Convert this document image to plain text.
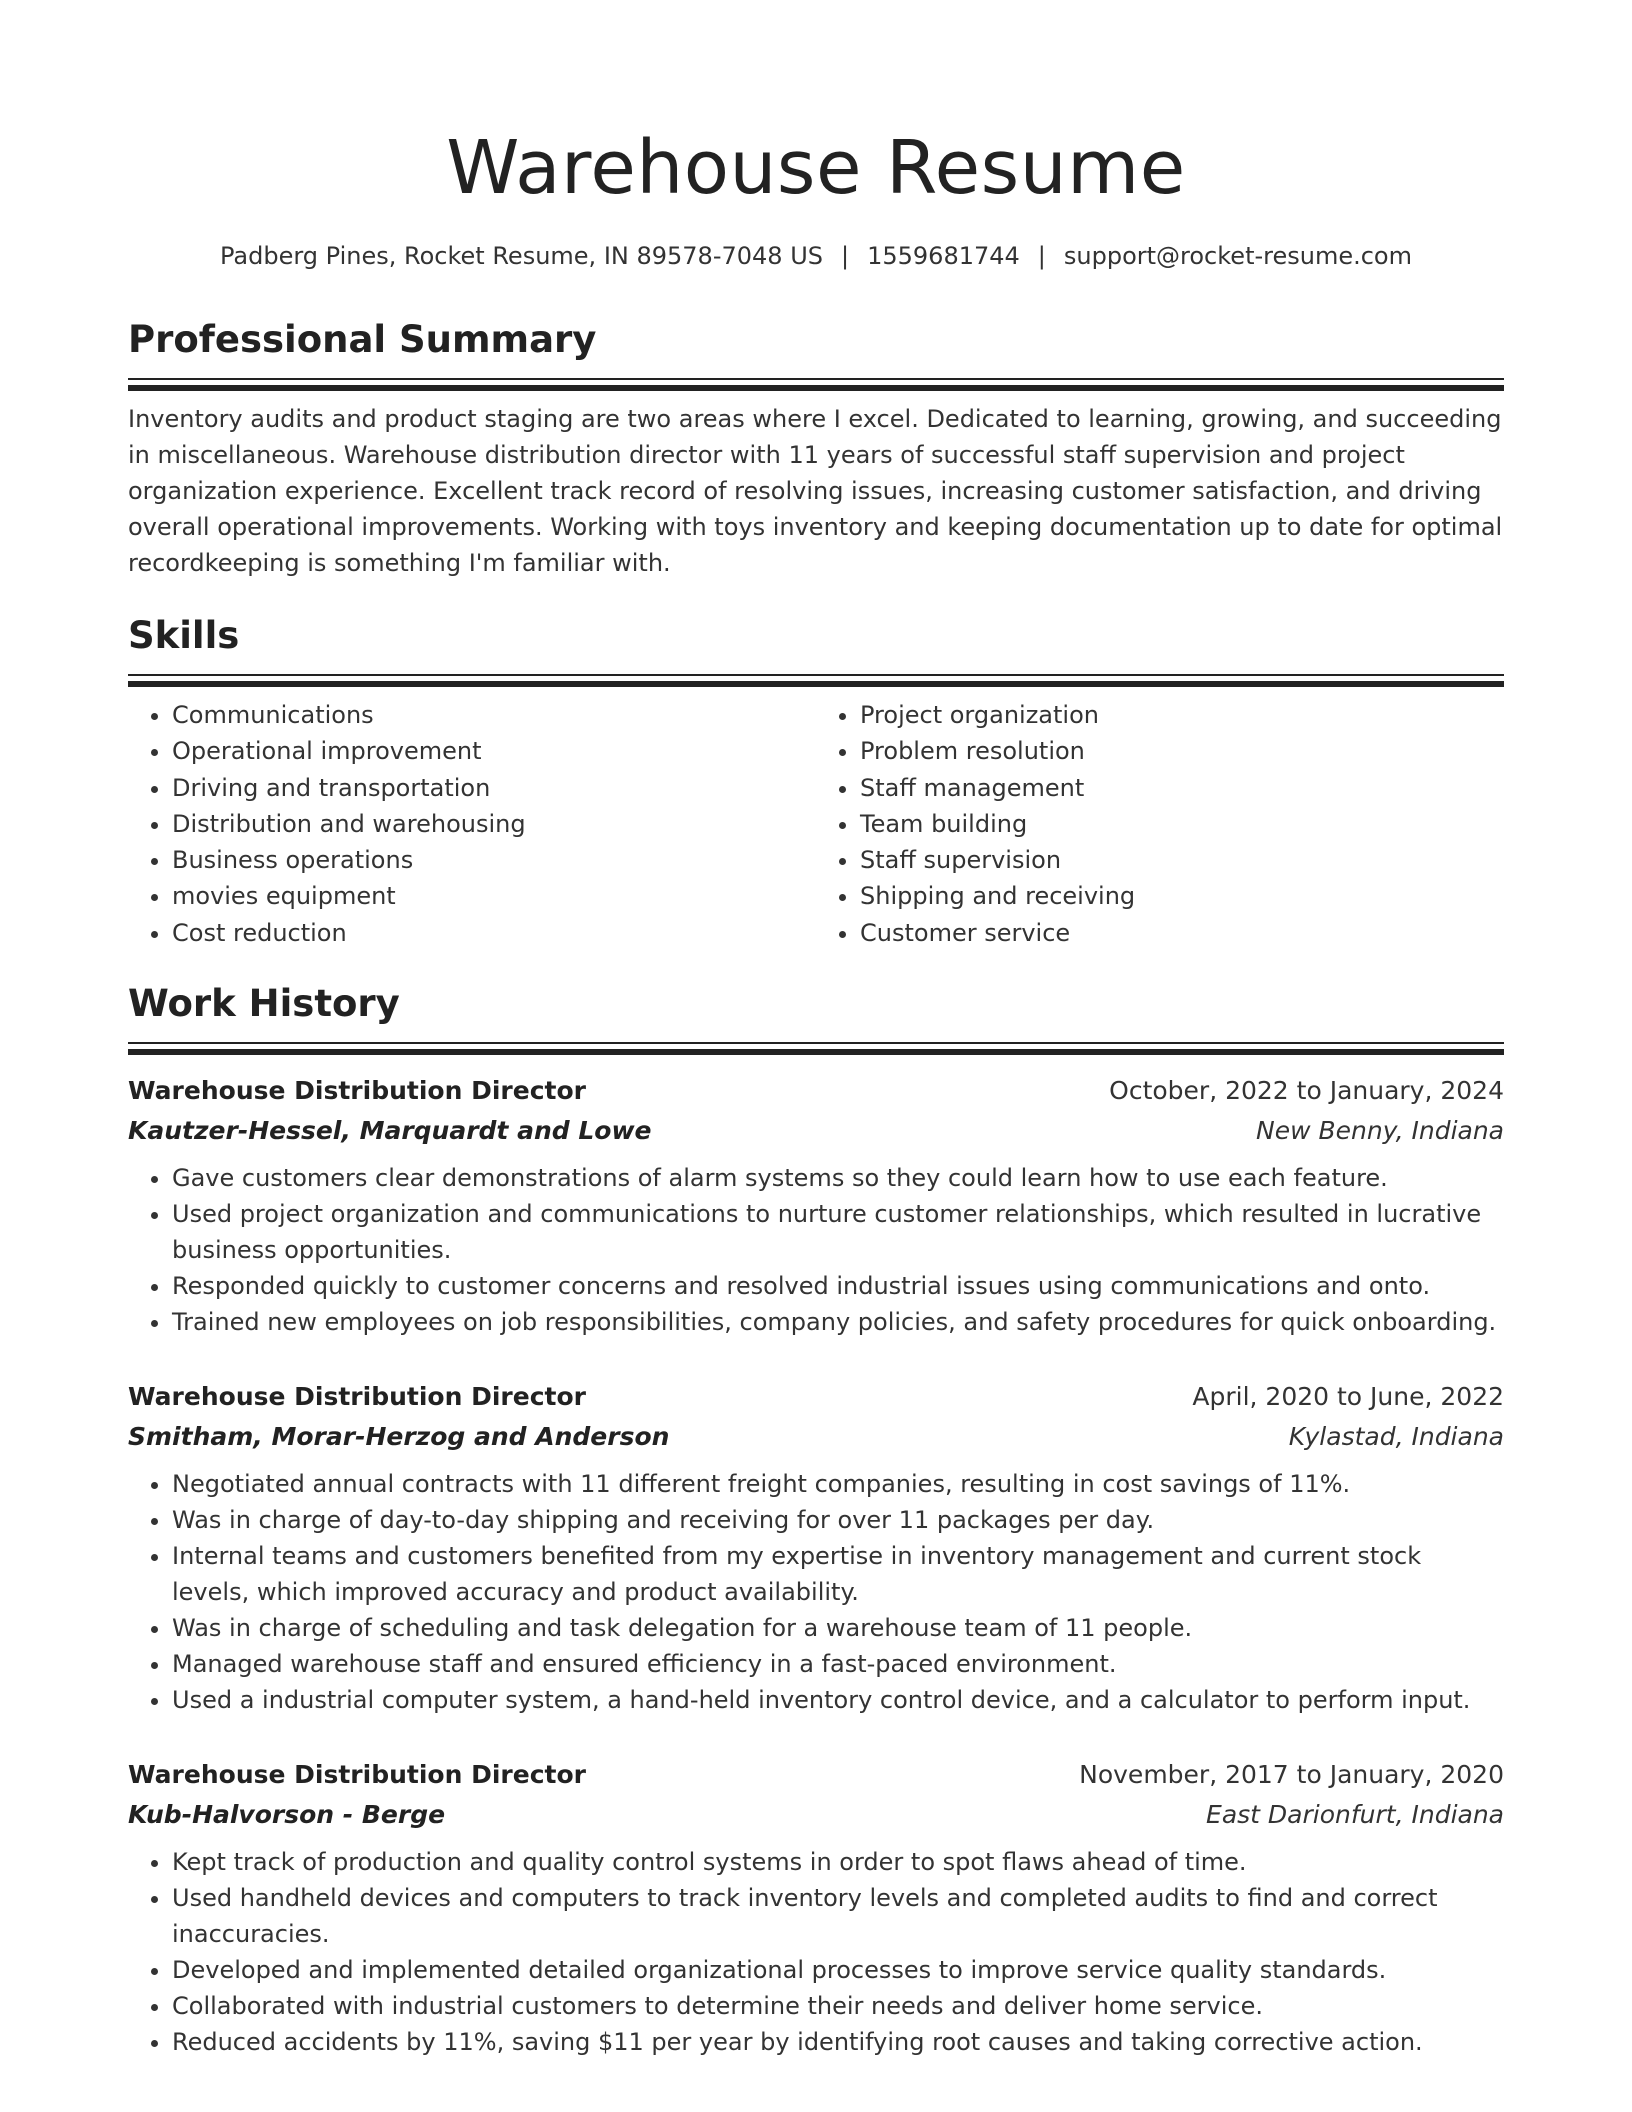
Warehouse Resume
Padberg Pines, Rocket Resume, IN 89578-7048 US | 1559681744 | support@rocket-resume.com
Professional Summary
Inventory audits and product staging are two areas where I excel. Dedicated to learning, growing, and succeeding in miscellaneous. Warehouse distribution director with 11 years of successful staff supervision and project organization experience. Excellent track record of resolving issues, increasing customer satisfaction, and driving overall operational improvements. Working with toys inventory and keeping documentation up to date for optimal recordkeeping is something I'm familiar with.
Skills
• Communications
• Operational improvement
• Driving and transportation
• Distribution and warehousing
• Business operations
• movies equipment
• Cost reduction
• Project organization
• Problem resolution
• Staff management
• Team building
• Staff supervision
• Shipping and receiving
• Customer service
Work History
Warehouse Distribution Director	October, 2022 to January, 2024
Kautzer-Hessel, Marquardt and Lowe	New Benny, Indiana
• Gave customers clear demonstrations of alarm systems so they could learn how to use each feature.
• Used project organization and communications to nurture customer relationships, which resulted in lucrative business opportunities.
• Responded quickly to customer concerns and resolved industrial issues using communications and onto.
• Trained new employees on job responsibilities, company policies, and safety procedures for quick onboarding.
Warehouse Distribution Director	April, 2020 to June, 2022
Smitham, Morar-Herzog and Anderson	Kylastad, Indiana
• Negotiated annual contracts with 11 different freight companies, resulting in cost savings of 11%.
• Was in charge of day-to-day shipping and receiving for over 11 packages per day.
• Internal teams and customers benefited from my expertise in inventory management and current stock levels, which improved accuracy and product availability.
• Was in charge of scheduling and task delegation for a warehouse team of 11 people.
• Managed warehouse staff and ensured efficiency in a fast-paced environment.
• Used a industrial computer system, a hand-held inventory control device, and a calculator to perform input.
Warehouse Distribution Director	November, 2017 to January, 2020
Kub-Halvorson - Berge	East Darionfurt, Indiana
• Kept track of production and quality control systems in order to spot flaws ahead of time.
• Used handheld devices and computers to track inventory levels and completed audits to find and correct inaccuracies.
• Developed and implemented detailed organizational processes to improve service quality standards.
• Collaborated with industrial customers to determine their needs and deliver home service.
• Reduced accidents by 11%, saving $11 per year by identifying root causes and taking corrective action.
